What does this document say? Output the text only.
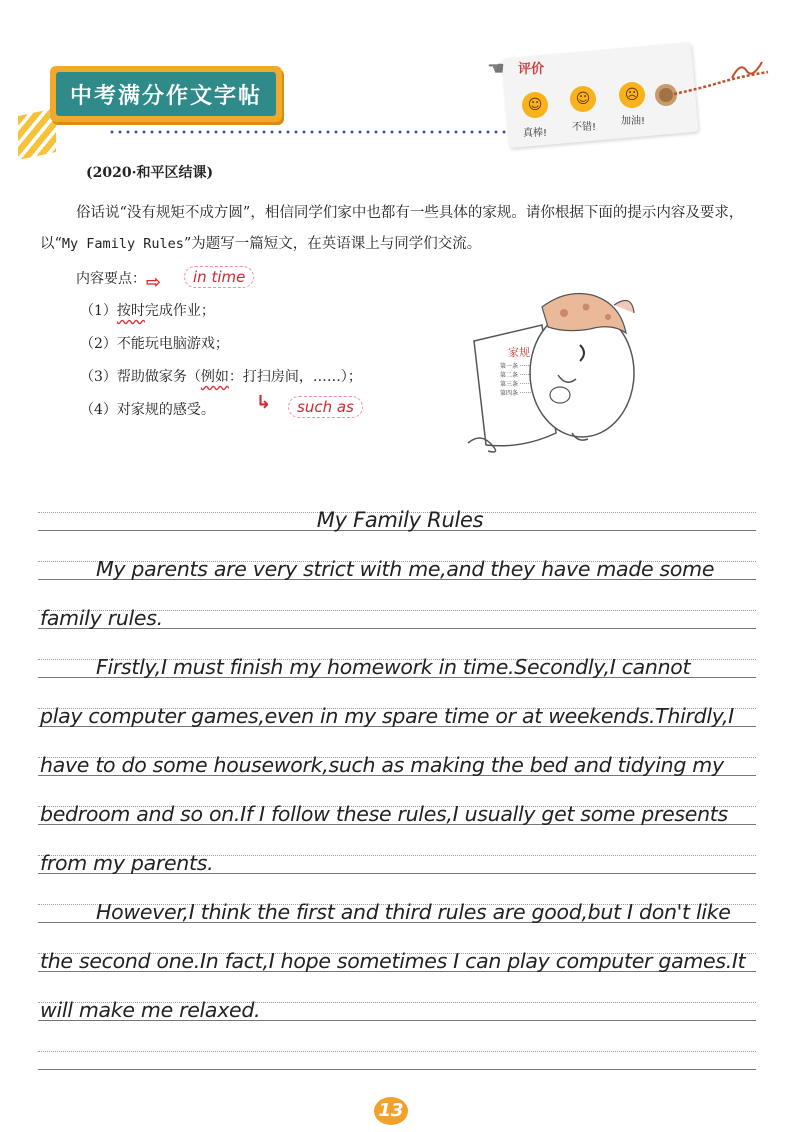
中考满分作文字帖
☚ 评价
☺
真棒!
☺
不错!
☹
加油!
(2020·和平区结课)
俗话说“没有规矩不成方圆”，相信同学们家中也都有一些具体的家规。请你根据下面的提示内容及要求，以“My Family Rules”为题写一篇短文，在英语课上与同学们交流。
内容要点： ⇨	in time
（1）按时完成作业；
（2）不能玩电脑游戏；
（3）帮助做家务（例如：打扫房间，……）；
（4）对家规的感受。 ↳	such as
家规
第一条 ······
第二条 ······
第三条 ······
第四条 ······
My Family Rules
My parents are very strict with me,and they have made some
family rules.
Firstly,I must finish my homework in time.Secondly,I cannot
play computer games,even in my spare time or at weekends.Thirdly,I
have to do some housework,such as making the bed and tidying my
bedroom and so on.If I follow these rules,I usually get some presents
from my parents.
However,I think the first and third rules are good,but I don't like
the second one.In fact,I hope sometimes I can play computer games.It
will make me relaxed.
13
